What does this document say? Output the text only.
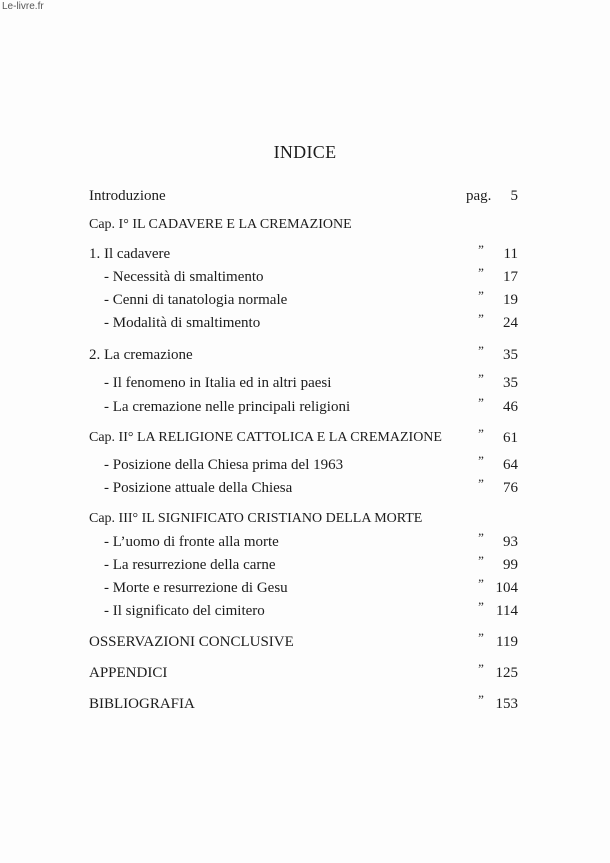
Le-livre.fr
INDICE
Introduzione	pag. 5
Cap. I° IL CADAVERE E LA CREMAZIONE
1. Il cadavere	” 11
- Necessità di smaltimento	” 17
- Cenni di tanatologia normale	” 19
- Modalità di smaltimento	” 24
2. La cremazione	” 35
- Il fenomeno in Italia ed in altri paesi	” 35
- La cremazione nelle principali religioni	” 46
Cap. II° LA RELIGIONE CATTOLICA E LA CREMAZIONE	” 61
- Posizione della Chiesa prima del 1963	” 64
- Posizione attuale della Chiesa	” 76
Cap. III° IL SIGNIFICATO CRISTIANO DELLA MORTE
- L’uomo di fronte alla morte	” 93
- La resurrezione della carne	” 99
- Morte e resurrezione di Gesu	” 104
- Il significato del cimitero	” 114
OSSERVAZIONI CONCLUSIVE	” 119
APPENDICI	” 125
BIBLIOGRAFIA	” 153
